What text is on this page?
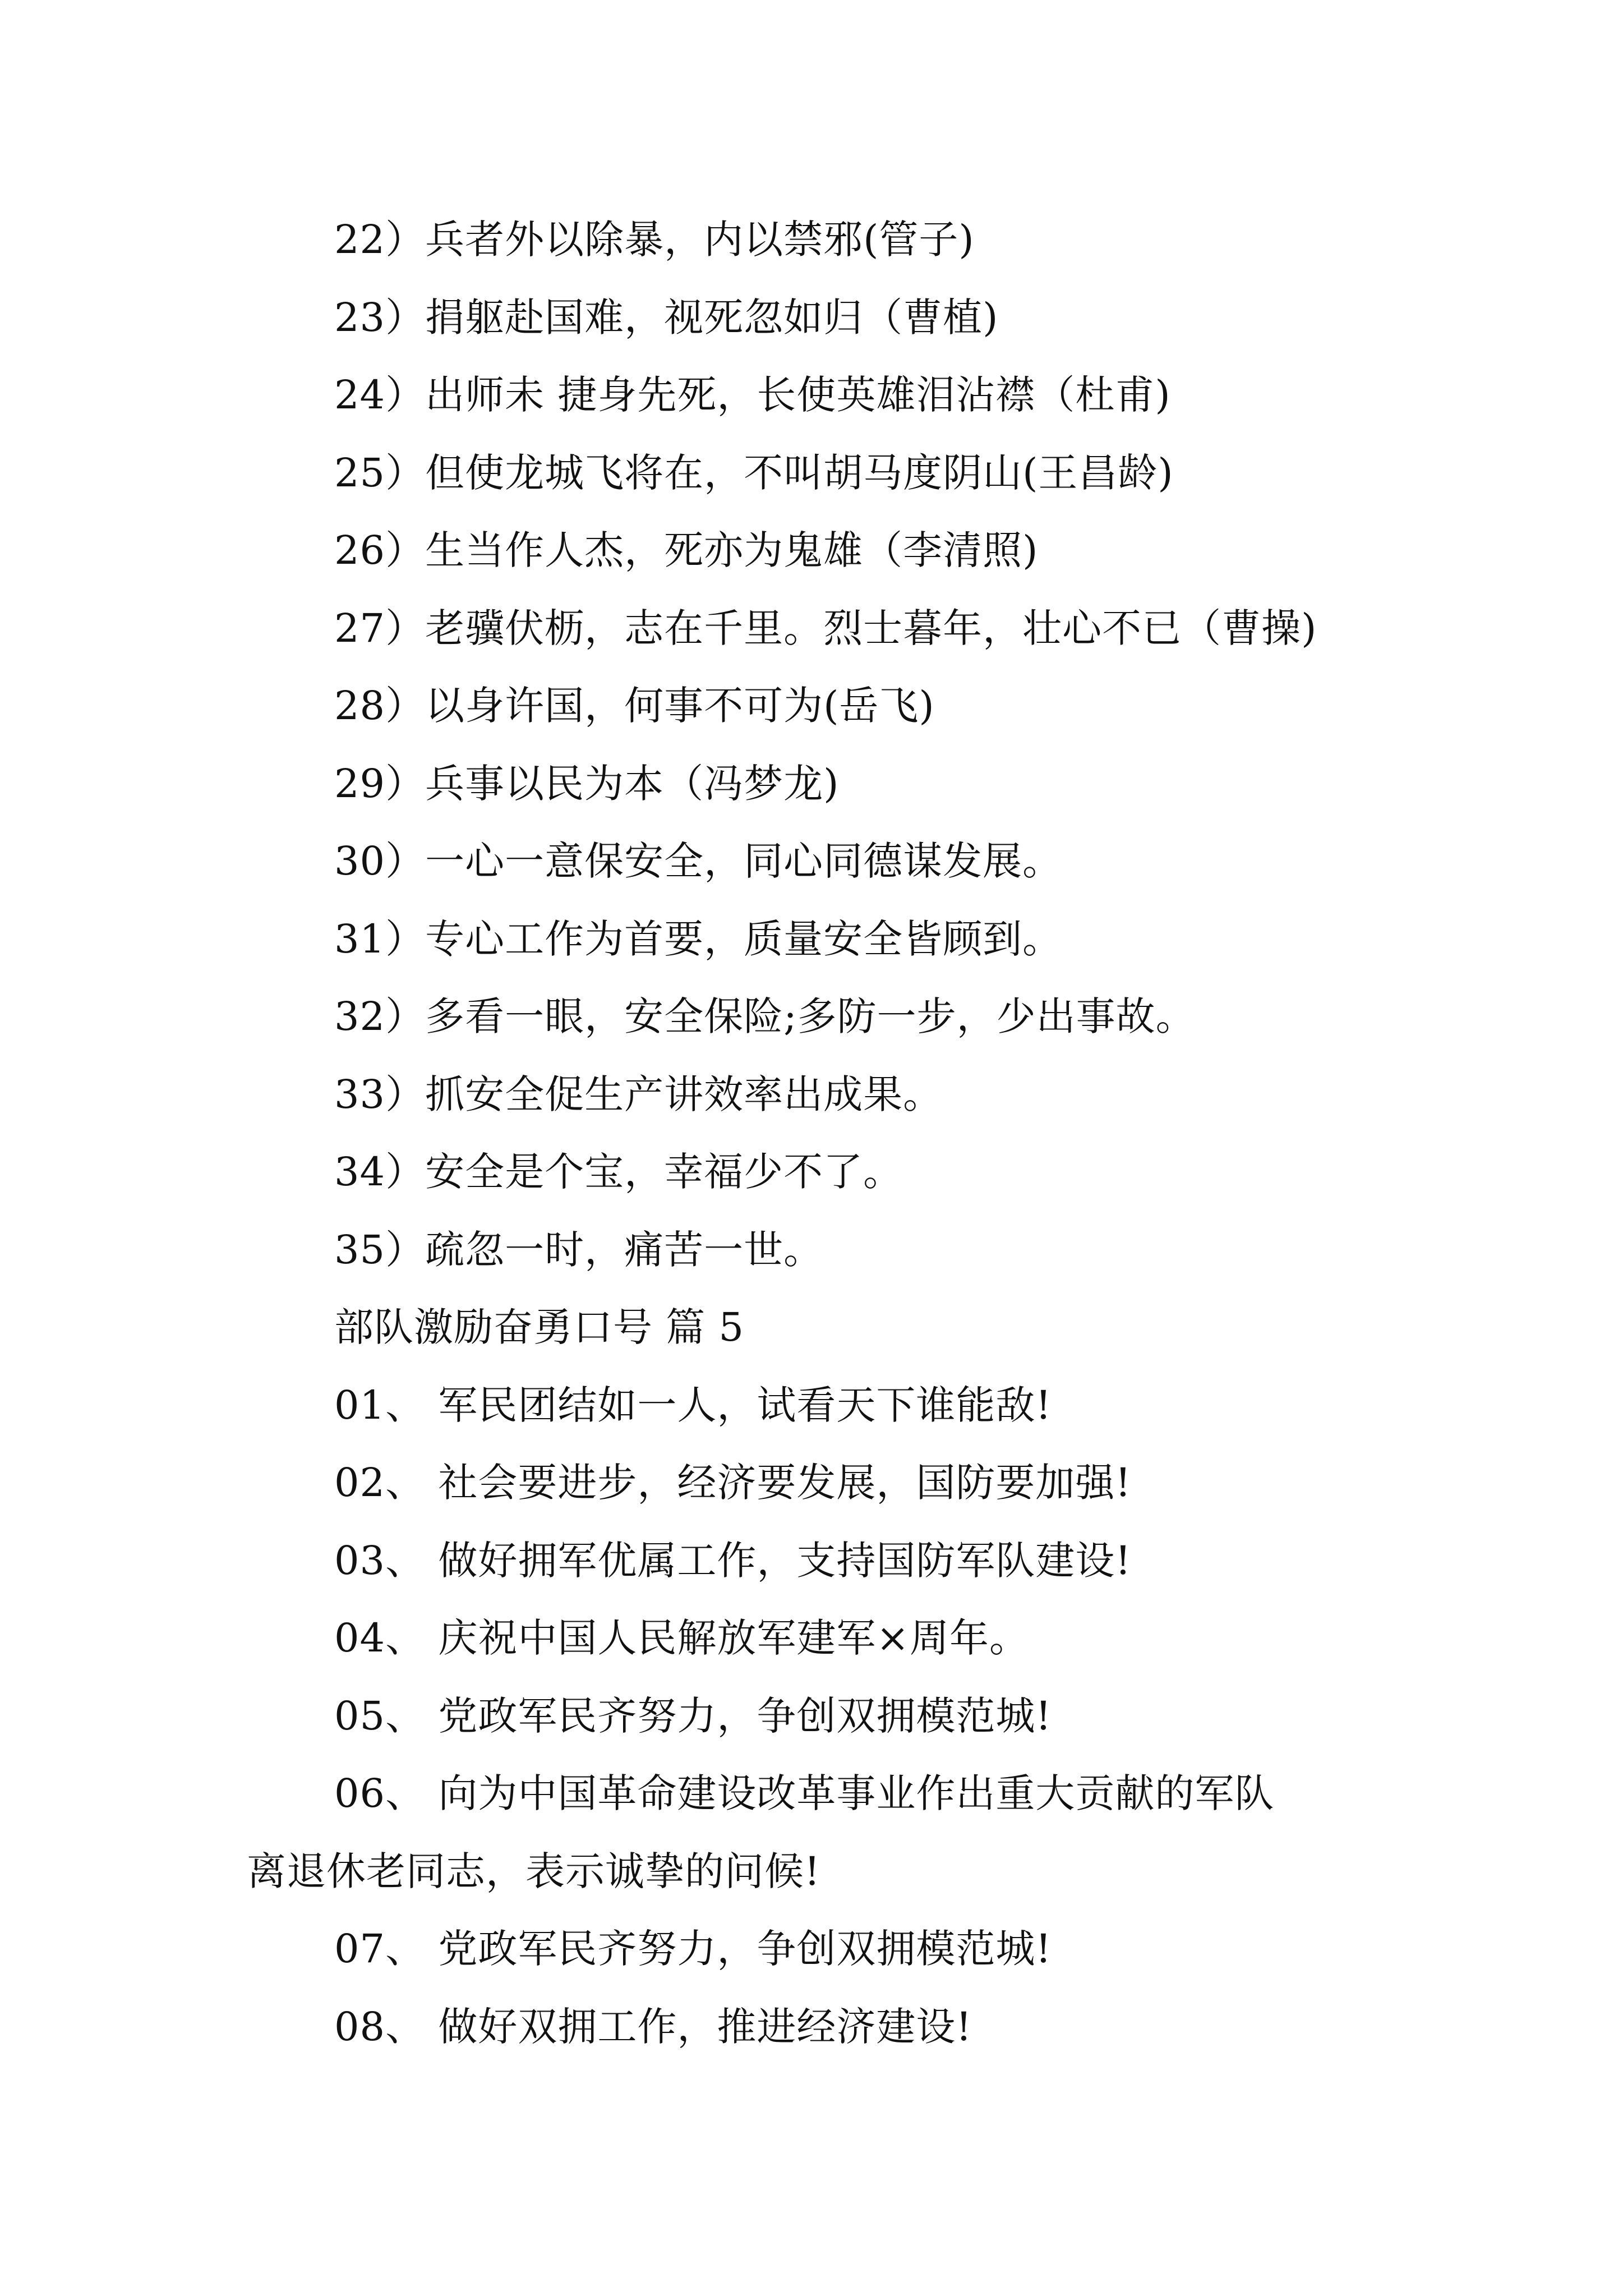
22）兵者外以除暴，内以禁邪(管子)
23）捐躯赴国难，视死忽如归（曹植)
24）出师未 捷身先死，长使英雄泪沾襟（杜甫)
25）但使龙城飞将在，不叫胡马度阴山(王昌龄)
26）生当作人杰，死亦为鬼雄（李清照)
27）老骥伏枥，志在千里。烈士暮年，壮心不已（曹操)
28）以身许国，何事不可为(岳飞)
29）兵事以民为本（冯梦龙)
30）一心一意保安全，同心同德谋发展。
31）专心工作为首要，质量安全皆顾到。
32）多看一眼，安全保险;多防一步，少出事故。
33）抓安全促生产讲效率出成果。
34）安全是个宝，幸福少不了。
35）疏忽一时，痛苦一世。
部队激励奋勇口号 篇 5
01、 军民团结如一人，试看天下谁能敌!
02、 社会要进步，经济要发展，国防要加强!
03、 做好拥军优属工作，支持国防军队建设!
04、 庆祝中国人民解放军建军×周年。
05、 党政军民齐努力，争创双拥模范城!
06、 向为中国革命建设改革事业作出重大贡献的军队
离退休老同志，表示诚挚的问候!
07、 党政军民齐努力，争创双拥模范城!
08、 做好双拥工作，推进经济建设!
